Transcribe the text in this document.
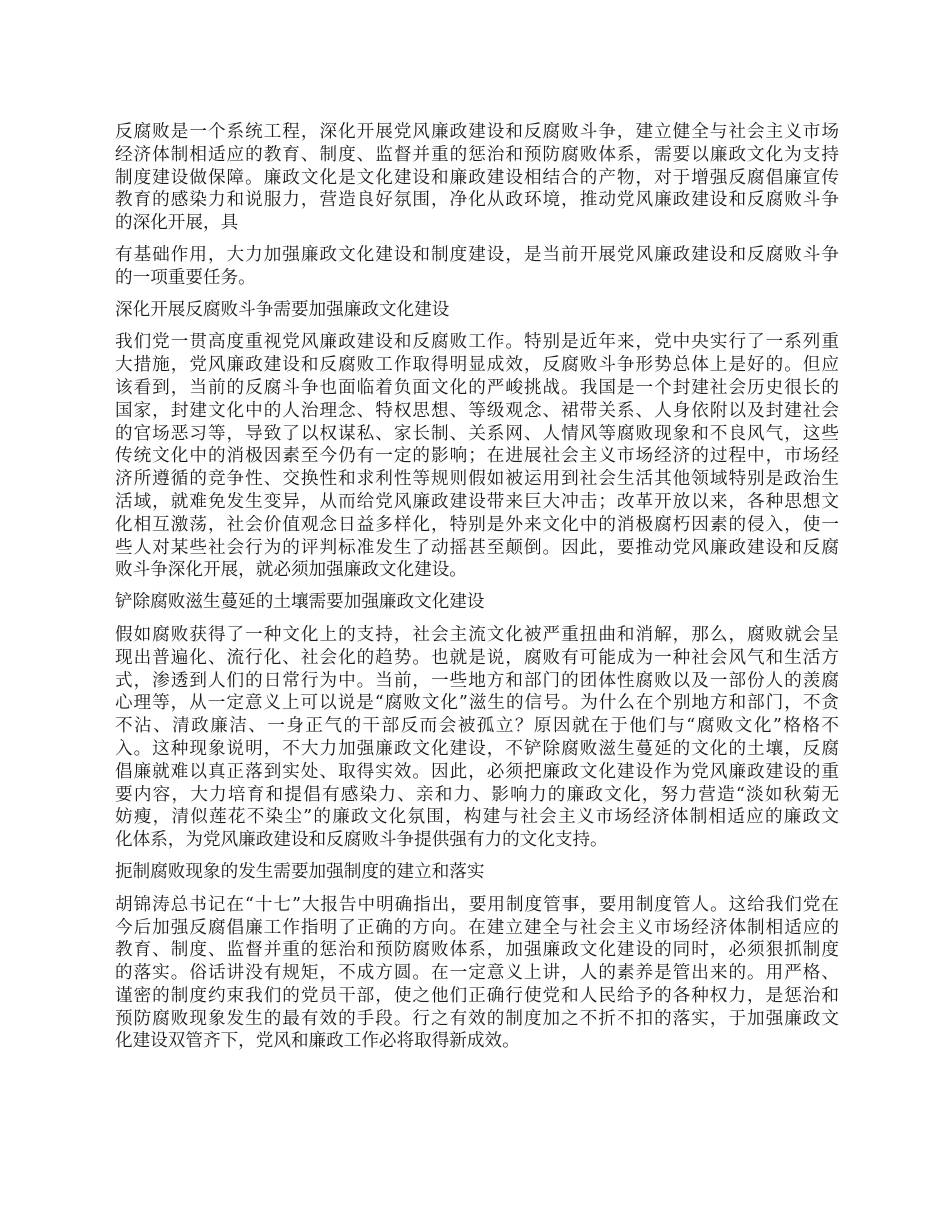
反腐败是一个系统工程，深化开展党风廉政建设和反腐败斗争，建立健全与社会主义市场
经济体制相适应的教育、制度、监督并重的惩治和预防腐败体系，需要以廉政文化为支持
制度建设做保障。廉政文化是文化建设和廉政建设相结合的产物，对于增强反腐倡廉宣传
教育的感染力和说服力，营造良好氛围，净化从政环境，推动党风廉政建设和反腐败斗争
的深化开展，具
有基础作用，大力加强廉政文化建设和制度建设，是当前开展党风廉政建设和反腐败斗争
的一项重要任务。
深化开展反腐败斗争需要加强廉政文化建设
我们党一贯高度重视党风廉政建设和反腐败工作。特别是近年来，党中央实行了一系列重
大措施，党风廉政建设和反腐败工作取得明显成效，反腐败斗争形势总体上是好的。但应
该看到，当前的反腐斗争也面临着负面文化的严峻挑战。我国是一个封建社会历史很长的
国家，封建文化中的人治理念、特权思想、等级观念、裙带关系、人身依附以及封建社会
的官场恶习等，导致了以权谋私、家长制、关系网、人情风等腐败现象和不良风气，这些
传统文化中的消极因素至今仍有一定的影响；在进展社会主义市场经济的过程中，市场经
济所遵循的竞争性、交换性和求利性等规则假如被运用到社会生活其他领域特别是政治生
活域，就难免发生变异，从而给党风廉政建设带来巨大冲击；改革开放以来，各种思想文
化相互激荡，社会价值观念日益多样化，特别是外来文化中的消极腐朽因素的侵入，使一
些人对某些社会行为的评判标准发生了动摇甚至颠倒。因此，要推动党风廉政建设和反腐
败斗争深化开展，就必须加强廉政文化建设。
铲除腐败滋生蔓延的土壤需要加强廉政文化建设
假如腐败获得了一种文化上的支持，社会主流文化被严重扭曲和消解，那么，腐败就会呈
现出普遍化、流行化、社会化的趋势。也就是说，腐败有可能成为一种社会风气和生活方
式，渗透到人们的日常行为中。当前，一些地方和部门的团体性腐败以及一部份人的羡腐
心理等，从一定意义上可以说是“腐败文化”滋生的信号。为什么在个别地方和部门，不贪
不沾、清政廉洁、一身正气的干部反而会被孤立？原因就在于他们与“腐败文化”格格不
入。这种现象说明，不大力加强廉政文化建设，不铲除腐败滋生蔓延的文化的土壤，反腐
倡廉就难以真正落到实处、取得实效。因此，必须把廉政文化建设作为党风廉政建设的重
要内容，大力培育和提倡有感染力、亲和力、影响力的廉政文化，努力营造“淡如秋菊无
妨瘦，清似莲花不染尘”的廉政文化氛围，构建与社会主义市场经济体制相适应的廉政文
化体系，为党风廉政建设和反腐败斗争提供强有力的文化支持。
扼制腐败现象的发生需要加强制度的建立和落实
胡锦涛总书记在“十七”大报告中明确指出，要用制度管事，要用制度管人。这给我们党在
今后加强反腐倡廉工作指明了正确的方向。在建立建全与社会主义市场经济体制相适应的
教育、制度、监督并重的惩治和预防腐败体系，加强廉政文化建设的同时，必须狠抓制度
的落实。俗话讲没有规矩，不成方圆。在一定意义上讲，人的素养是管出来的。用严格、
谨密的制度约束我们的党员干部，使之他们正确行使党和人民给予的各种权力，是惩治和
预防腐败现象发生的最有效的手段。行之有效的制度加之不折不扣的落实，于加强廉政文
化建设双管齐下，党风和廉政工作必将取得新成效。
